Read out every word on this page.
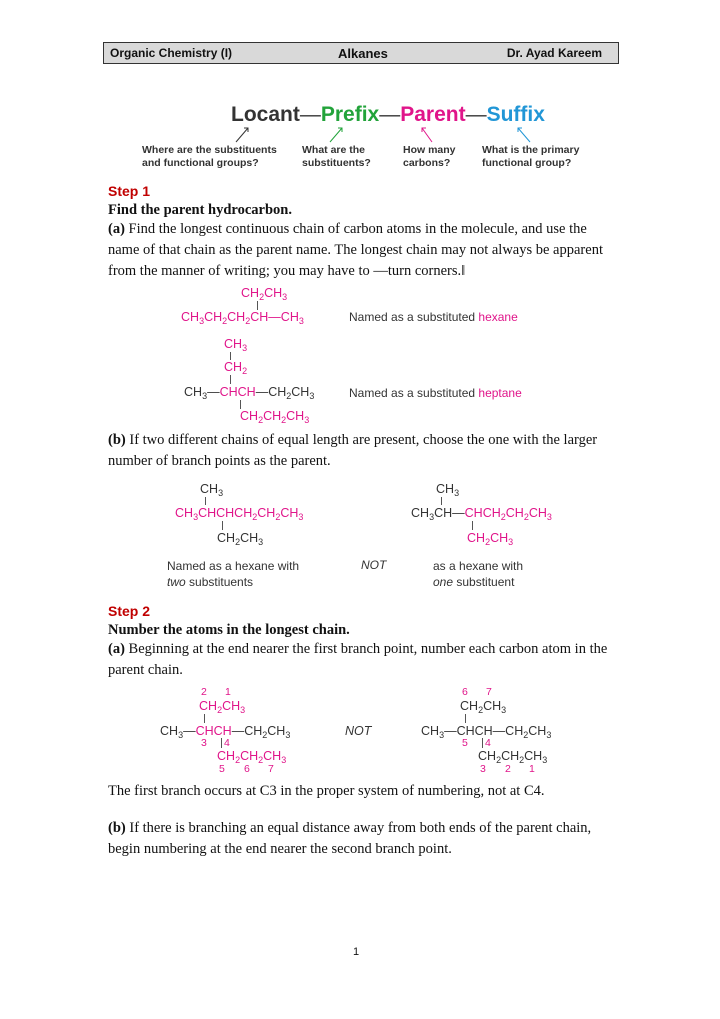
Organic Chemistry (I)	Alkanes	Dr. Ayad Kareem
Locant—Prefix—Parent—Suffix
Where are the substituents
and functional groups?
What are the
substituents?
How many
carbons?
What is the primary
functional group?
Step 1
Find the parent hydrocarbon.
(a) Find the longest continuous chain of carbon atoms in the molecule, and use the name of that chain as the parent name. The longest chain may not always be apparent from the manner of writing; you may have to ―turn corners.‖
$CH_2CH_3$
$CH_3CH_2CH_2CH—CH_3$	Named as a substituted hexane
$CH_3$
$CH_2$
$CH_3—CHCH—CH_2CH_3$
$CH_2CH_2CH_3$
Named as a substituted heptane
(b) If two different chains of equal length are present, choose the one with the larger number of branch points as the parent.
$CH_3$
$CH_3CHCHCH_2CH_2CH_3$
$CH_2CH_3$
$CH_3$
$CH_3CH—CHCH_2CH_2CH_3$
$CH_2CH_3$
Named as a hexane with
two substituents
NOT	as a hexane with
one substituent
Step 2
Number the atoms in the longest chain.
(a) Beginning at the end nearer the first branch point, number each carbon atom in the parent chain.
2 1
$CH_2CH_3$
$CH_3—CHCH—CH_2CH_3$
3 4
$CH_2CH_2CH_3$
5 6 7
NOT
6 7
$CH_2CH_3$
$CH_3—CHCH—CH_2CH_3$
5 4
$CH_2CH_2CH_3$
3 2 1
The first branch occurs at C3 in the proper system of numbering, not at C4.
(b) If there is branching an equal distance away from both ends of the parent chain, begin numbering at the end nearer the second branch point.
1
